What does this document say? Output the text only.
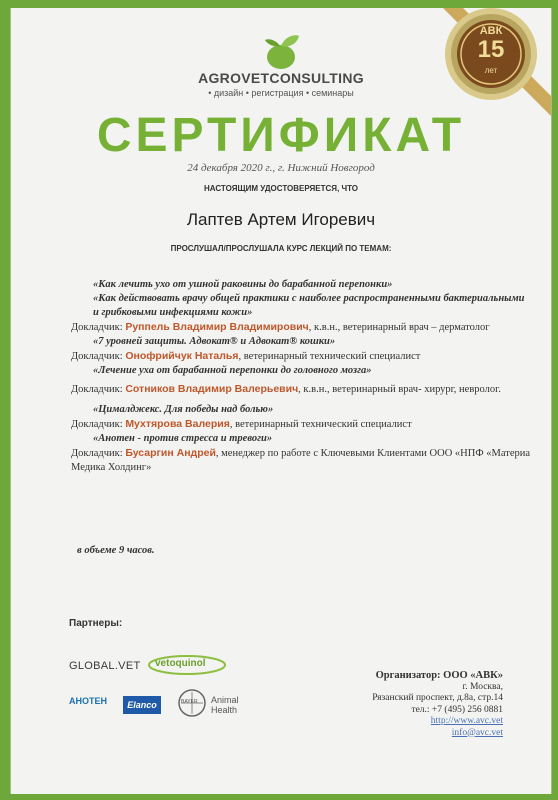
AGROVETCONSULTING
• дизайн • регистрация • семинары
СЕРТИФИКАТ
24 декабря 2020 г., г. Нижний Новгород
НАСТОЯЩИМ УДОСТОВЕРЯЕТСЯ, ЧТО
Лаптев Артем Игоревич
ПРОСЛУШАЛ/ПРОСЛУШАЛА КУРС ЛЕКЦИЙ ПО ТЕМАМ:
АВК
15
лет
«Как лечить ухо от ушной раковины до барабанной перепонки»
«Как действовать врачу общей практики с наиболее распространенными бактериальными и грибковыми инфекциями кожи»
Докладчик: Руппель Владимир Владимирович, к.в.н., ветеринарный врач – дерматолог
«7 уровней защиты. Адвокат® и Адвокат® кошки»
Докладчик: Онофрийчук Наталья, ветеринарный технический специалист
«Лечение уха от барабанной перепонки до головного мозга»
Докладчик: Сотников Владимир Валерьевич, к.в.н., ветеринарный врач- хирург, невролог.
«Цималджекс. Для победы над болью»
Докладчик: Мухтярова Валерия, ветеринарный технический специалист
«Анотен - против стресса и тревоги»
Докладчик: Бусаргин Андрей, менеджер по работе с Ключевыми Клиентами ООО «НПФ «Материа Медика Холдинг»
в объеме 9 часов.
Партнеры:
GLOBAL.VET vetoquinol
АНОТЕН	Elanco	BAYER Animal
Health
Организатор: ООО «АВК»
г. Москва,
Рязанский проспект, д.8а, стр.14
тел.: +7 (495) 256 0881
http://www.avc.vet
info@avc.vet
